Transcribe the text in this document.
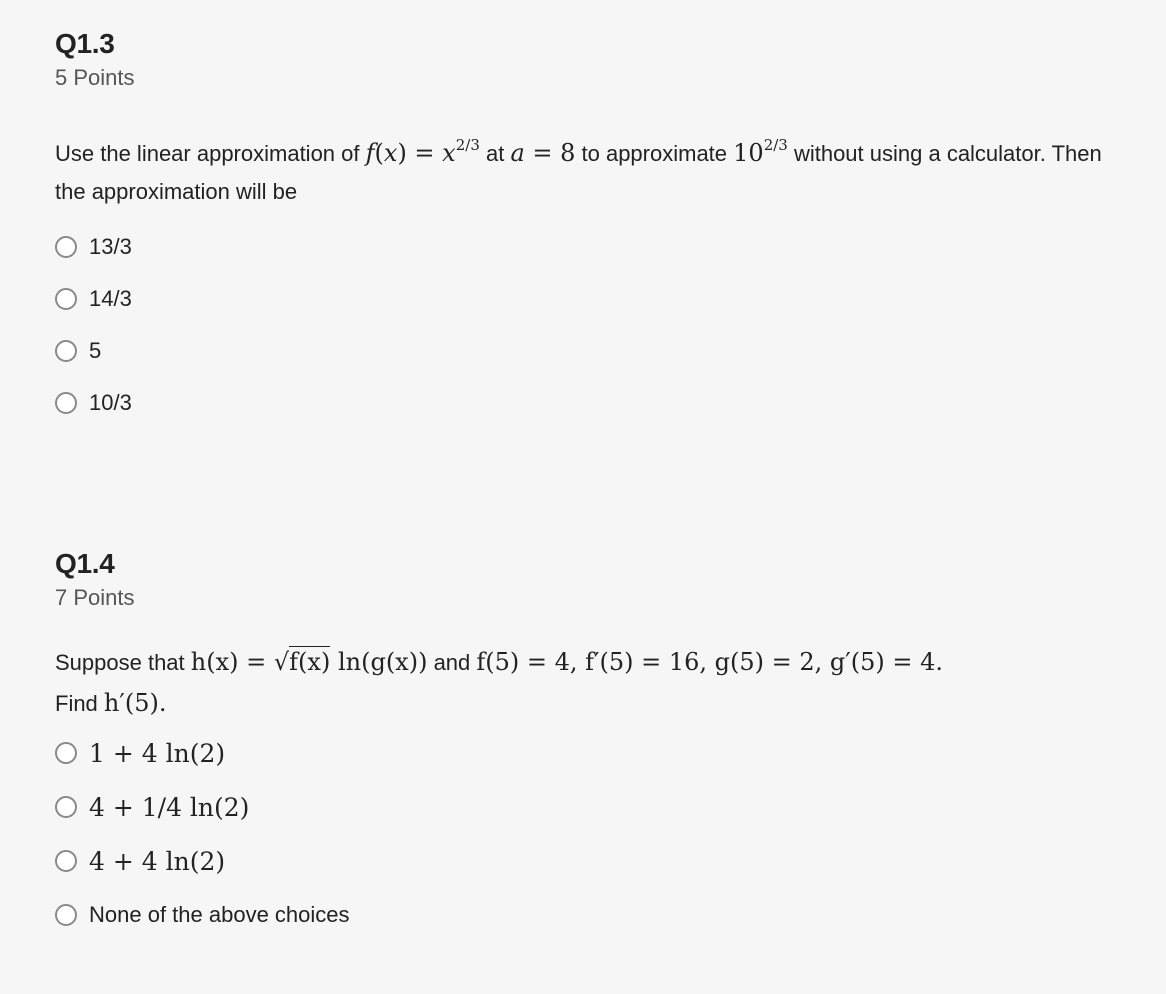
Q1.3
5 Points
Use the linear approximation of $f(x) = x^{2/3}$ at a = 8 to approximate $10^{2/3}$ without using a calculator. Then the approximation will be
13/3
14/3
5
10/3
Q1.4
7 Points
Suppose that h(x) = √f(x) ln(g(x)) and f(5) = 4, f′(5) = 16, g(5) = 2, g′(5) = 4.
Find h′(5).
1 + 4 ln(2)
4 + 1/4 ln(2)
4 + 4 ln(2)
None of the above choices
